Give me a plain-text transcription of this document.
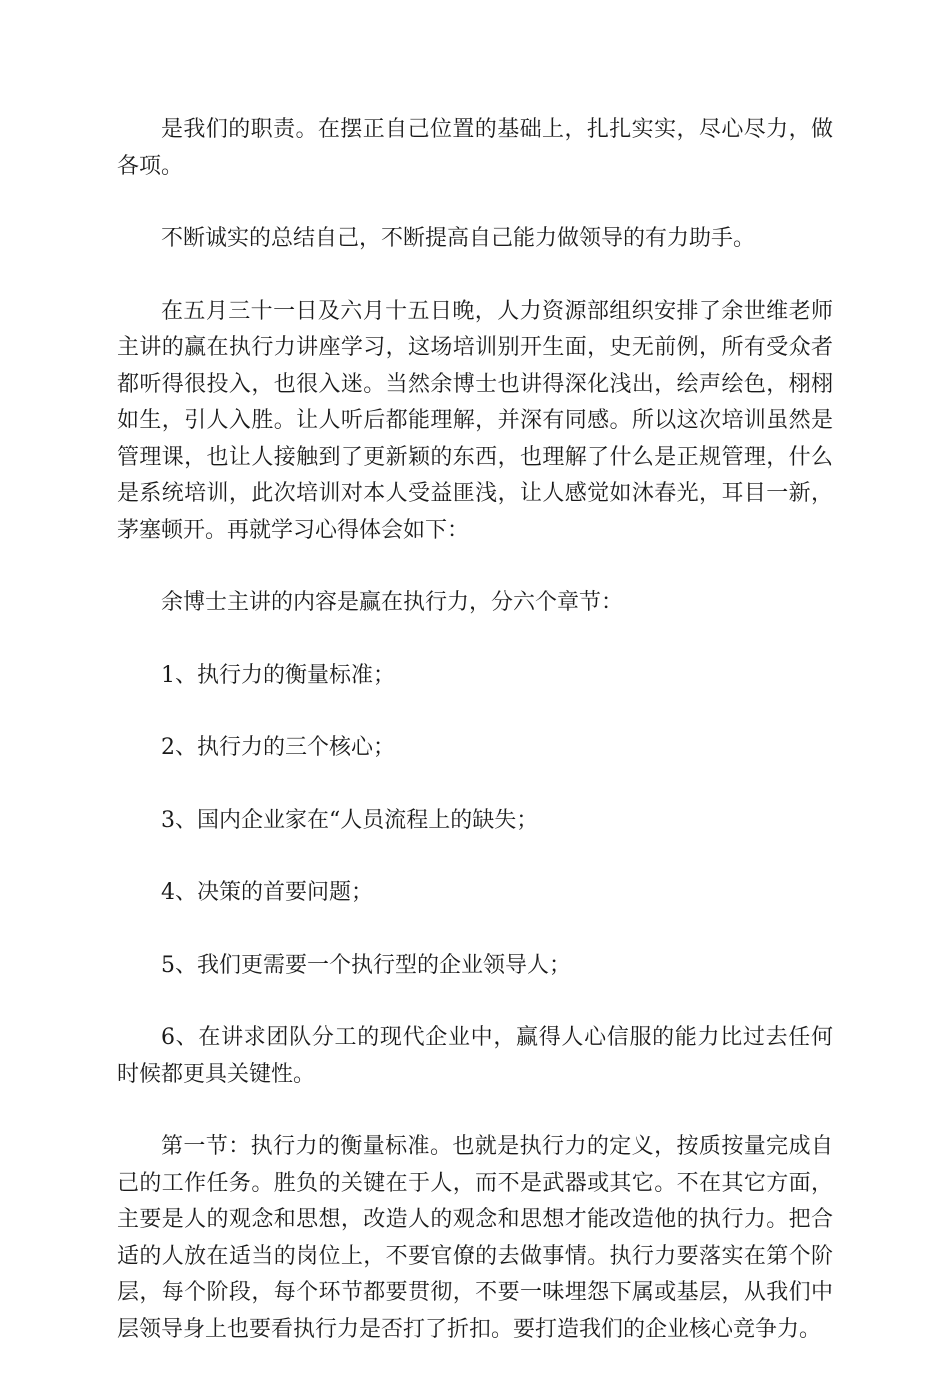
是我们的职责。在摆正自己位置的基础上，扎扎实实，尽心尽力，做各项。

不断诚实的总结自己，不断提高自己能力做领导的有力助手。

在五月三十一日及六月十五日晚，人力资源部组织安排了余世维老师主讲的赢在执行力讲座学习，这场培训别开生面，史无前例，所有受众者都听得很投入，也很入迷。当然余博士也讲得深化浅出，绘声绘色，栩栩如生，引人入胜。让人听后都能理解，并深有同感。所以这次培训虽然是管理课，也让人接触到了更新颖的东西，也理解了什么是正规管理，什么是系统培训，此次培训对本人受益匪浅，让人感觉如沐春光，耳目一新，茅塞顿开。再就学习心得体会如下：

余博士主讲的内容是赢在执行力，分六个章节：

1、执行力的衡量标准；

2、执行力的三个核心；

3、国内企业家在“人员流程上的缺失；

4、决策的首要问题；

5、我们更需要一个执行型的企业领导人；

6、在讲求团队分工的现代企业中，赢得人心信服的能力比过去任何时候都更具关键性。

第一节：执行力的衡量标准。也就是执行力的定义，按质按量完成自己的工作任务。胜负的关键在于人，而不是武器或其它。不在其它方面，主要是人的观念和思想，改造人的观念和思想才能改造他的执行力。把合适的人放在适当的岗位上，不要官僚的去做事情。执行力要落实在第个阶层，每个阶段，每个环节都要贯彻，不要一味埋怨下属或基层，从我们中层领导身上也要看执行力是否打了折扣。要打造我们的企业核心竞争力。
